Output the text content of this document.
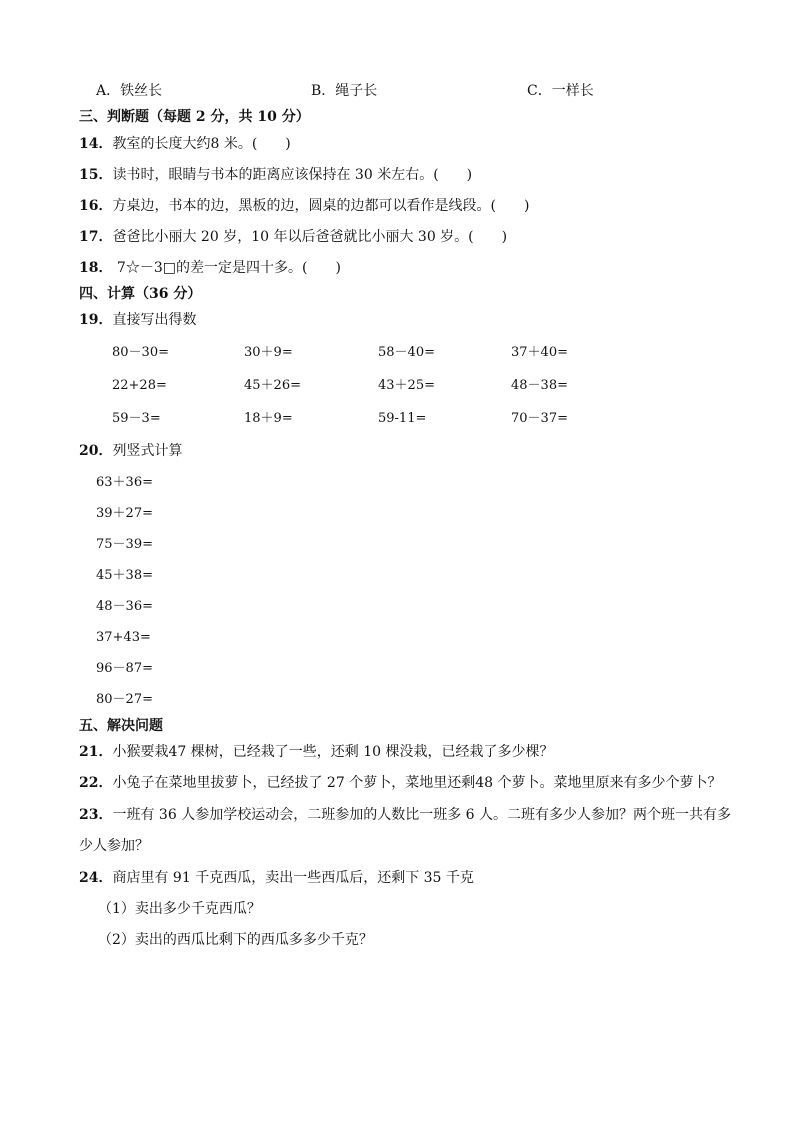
A．铁丝长	B．绳子长	C．一样长
三、判断题（每题 2 分，共 10 分）
14．教室的长度大约8 米。(　　)
15．读书时，眼睛与书本的距离应该保持在 30 米左右。(　　)
16．方桌边，书本的边，黑板的边，圆桌的边都可以看作是线段。(　　)
17．爸爸比小丽大 20 岁，10 年以后爸爸就比小丽大 30 岁。(　　)
18． 7☆－3□的差一定是四十多。(　　)
四、计算（36 分）
19．直接写出得数
80－30=	30＋9=	58－40=	37＋40=
22+28=	45＋26=	43＋25=	48－38=
59－3=	18＋9=	59-11=	70－37=
20．列竖式计算
63＋36=
39＋27=
75－39=
45＋38=
48－36=
37+43=
96－87=
80－27=
五、解决问题
21．小猴要栽47 棵树，已经栽了一些，还剩 10 棵没栽，已经栽了多少棵？
22．小兔子在菜地里拔萝卜，已经拔了 27 个萝卜，菜地里还剩48 个萝卜。菜地里原来有多少个萝卜？
23．一班有 36 人参加学校运动会，二班参加的人数比一班多 6 人。二班有多少人参加？两个班一共有多
少人参加？
24．商店里有 91 千克西瓜，卖出一些西瓜后，还剩下 35 千克
（1）卖出多少千克西瓜？
（2）卖出的西瓜比剩下的西瓜多多少千克？
